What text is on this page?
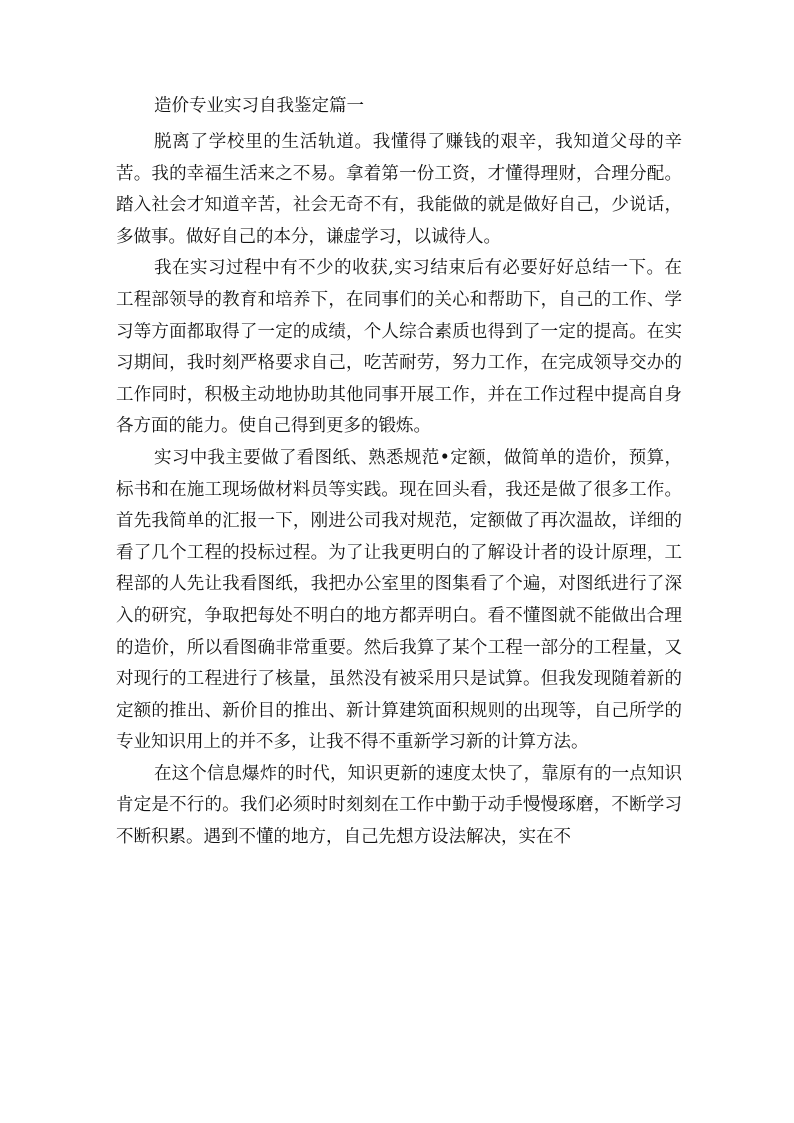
造价专业实习自我鉴定篇一

脱离了学校里的生活轨道。我懂得了赚钱的艰辛，我知道父母的辛苦。我的幸福生活来之不易。拿着第一份工资，才懂得理财，合理分配。踏入社会才知道辛苦，社会无奇不有，我能做的就是做好自己，少说话，多做事。做好自己的本分，谦虚学习，以诚待人。

我在实习过程中有不少的收获,实习结束后有必要好好总结一下。在工程部领导的教育和培养下，在同事们的关心和帮助下，自己的工作、学习等方面都取得了一定的成绩，个人综合素质也得到了一定的提高。在实习期间，我时刻严格要求自己，吃苦耐劳，努力工作，在完成领导交办的工作同时，积极主动地协助其他同事开展工作，并在工作过程中提高自身各方面的能力。使自己得到更多的锻炼。

实习中我主要做了看图纸、熟悉规范•定额，做简单的造价，预算，标书和在施工现场做材料员等实践。现在回头看，我还是做了很多工作。首先我简单的汇报一下，刚进公司我对规范，定额做了再次温故，详细的看了几个工程的投标过程。为了让我更明白的了解设计者的设计原理，工程部的人先让我看图纸，我把办公室里的图集看了个遍，对图纸进行了深入的研究，争取把每处不明白的地方都弄明白。看不懂图就不能做出合理的造价，所以看图确非常重要。然后我算了某个工程一部分的工程量，又对现行的工程进行了核量，虽然没有被采用只是试算。但我发现随着新的定额的推出、新价目的推出、新计算建筑面积规则的出现等，自己所学的专业知识用上的并不多，让我不得不重新学习新的计算方法。

在这个信息爆炸的时代，知识更新的速度太快了，靠原有的一点知识肯定是不行的。我们必须时时刻刻在工作中勤于动手慢慢琢磨，不断学习不断积累。遇到不懂的地方，自己先想方设法解决，实在不
